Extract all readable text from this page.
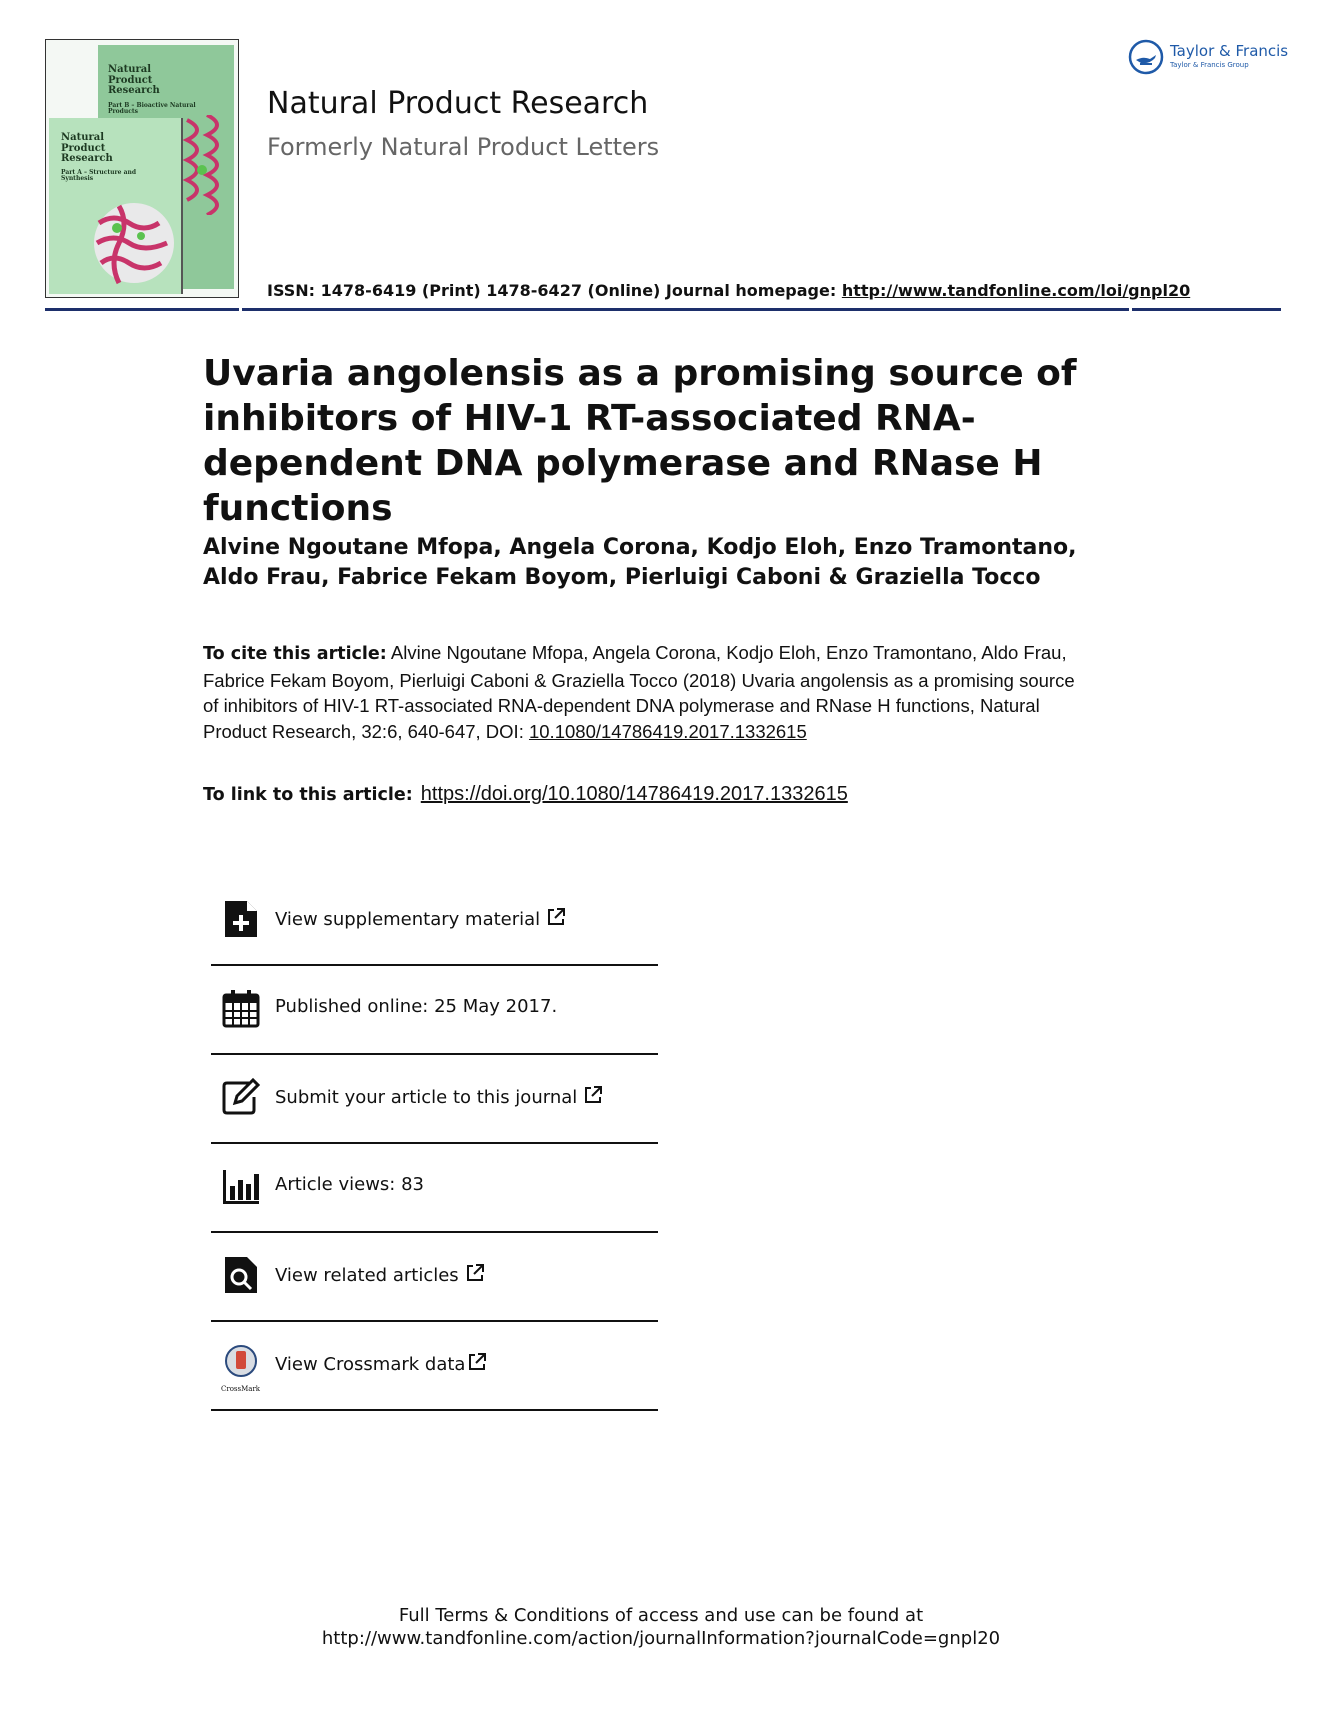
Natural Product Research
Part B – Bioactive Natural Products
Natural Product Research
Part A – Structure and Synthesis
Natural Product Research
Formerly Natural Product Letters
ISSN: 1478-6419 (Print) 1478-6427 (Online) Journal homepage: http://www.tandfonline.com/loi/gnpl20
Taylor & Francis
Taylor & Francis Group
Uvaria angolensis as a promising source of inhibitors of HIV-1 RT-associated RNA-dependent DNA polymerase and RNase H functions

Alvine Ngoutane Mfopa, Angela Corona, Kodjo Eloh, Enzo Tramontano, Aldo Frau, Fabrice Fekam Boyom, Pierluigi Caboni & Graziella Tocco

To cite this article: Alvine Ngoutane Mfopa, Angela Corona, Kodjo Eloh, Enzo Tramontano, Aldo Frau, Fabrice Fekam Boyom, Pierluigi Caboni & Graziella Tocco (2018) Uvaria angolensis as a promising source of inhibitors of HIV-1 RT-associated RNA-dependent DNA polymerase and RNase H functions, Natural Product Research, 32:6, 640-647, DOI: 10.1080/14786419.2017.1332615

To link to this article: https://doi.org/10.1080/14786419.2017.1332615
View supplementary material
Published online: 25 May 2017.
Submit your article to this journal
Article views: 83
View related articles
CrossMark
View Crossmark data
Full Terms & Conditions of access and use can be found at
http://www.tandfonline.com/action/journalInformation?journalCode=gnpl20
